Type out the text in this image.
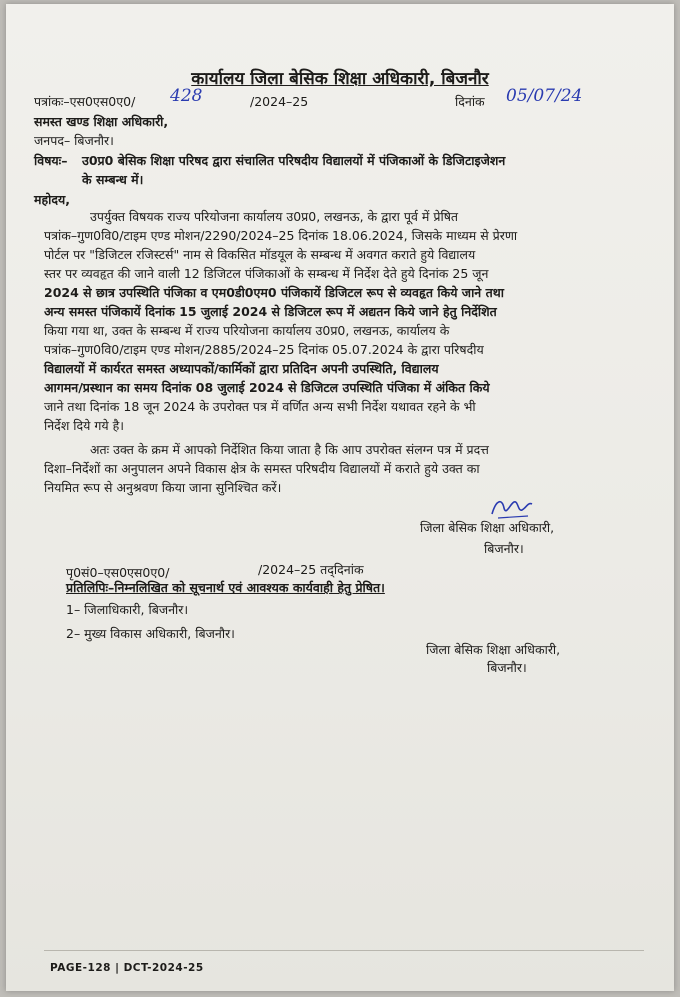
कार्यालय जिला बेसिक शिक्षा अधिकारी, बिजनौर
पत्रांकः–एस0एस0ए0/ 428	/2024–25	दिनांक 05/07/24
समस्त खण्ड शिक्षा अधिकारी,
जनपद– बिजनौर।
विषयः– उ0प्र0 बेसिक शिक्षा परिषद द्वारा संचालित परिषदीय विद्यालयों में पंजिकाओं के डिजिटाइजेशन
के सम्बन्ध में।
महोदय,
उपर्युक्त विषयक राज्य परियोजना कार्यालय उ0प्र0, लखनऊ, के द्वारा पूर्व में प्रेषित
पत्रांक–गुण0वि0/टाइम एण्ड मोशन/2290/2024–25 दिनांक 18.06.2024, जिसके माध्यम से प्रेरणा
पोर्टल पर "डिजिटल रजिस्टर्स" नाम से विकसित मॉडयूल के सम्बन्ध में अवगत कराते हुये विद्यालय
स्तर पर व्यवहृत की जाने वाली 12 डिजिटल पंजिकाओं के सम्बन्ध में निर्देश देते हुये दिनांक 25 जून
2024 से छात्र उपस्थिति पंजिका व एम0डी0एम0 पंजिकायें डिजिटल रूप से व्यवहृत किये जाने तथा
अन्य समस्त पंजिकायें दिनांक 15 जुलाई 2024 से डिजिटल रूप में अद्यतन किये जाने हेतु निर्देशित
किया गया था, उक्त के सम्बन्ध में राज्य परियोजना कार्यालय उ0प्र0, लखनऊ, कार्यालय के
पत्रांक–गुण0वि0/टाइम एण्ड मोशन/2885/2024–25 दिनांक 05.07.2024 के द्वारा परिषदीय
विद्यालयों में कार्यरत समस्त अध्यापकों/कार्मिकों द्वारा प्रतिदिन अपनी उपस्थिति, विद्यालय
आगमन/प्रस्थान का समय दिनांक 08 जुलाई 2024 से डिजिटल उपस्थिति पंजिका में अंकित किये
जाने तथा दिनांक 18 जून 2024 के उपरोक्त पत्र में वर्णित अन्य सभी निर्देश यथावत रहने के भी
निर्देश दिये गये है।
अतः उक्त के क्रम में आपको निर्देशित किया जाता है कि आप उपरोक्त संलग्न पत्र में प्रदत्त
दिशा–निर्देशों का अनुपालन अपने विकास क्षेत्र के समस्त परिषदीय विद्यालयों में कराते हुये उक्त का
नियमित रूप से अनुश्रवण किया जाना सुनिश्चित करें।
जिला बेसिक शिक्षा अधिकारी,
बिजनौर।
पृ0सं0–एस0एस0ए0/	/2024–25 तद्‌दिनांक
प्रतिलिपिः–निम्नलिखित को सूचनार्थ एवं आवश्यक कार्यवाही हेतु प्रेषित।
1– जिलाधिकारी, बिजनौर।
2– मुख्य विकास अधिकारी, बिजनौर।
जिला बेसिक शिक्षा अधिकारी,
बिजनौर।
PAGE-128 | DCT-2024-25
